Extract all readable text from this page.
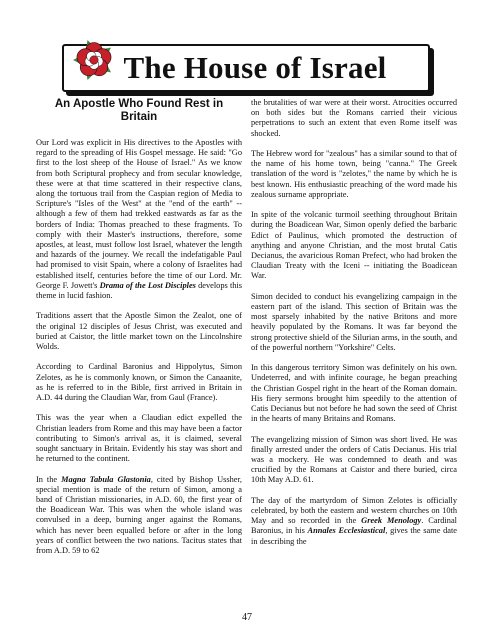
The House of Israel
An Apostle Who Found Rest in
Britain

Our Lord was explicit in His directives to the Apostles with regard to the spreading of His Gospel message. He said: "Go first to the lost sheep of the House of Israel." As we know from both Scriptural prophecy and from secular knowledge, these were at that time scattered in their respective clans, along the tortuous trail from the Caspian region of Media to Scripture's "Isles of the West" at the "end of the earth" -- although a few of them had trekked eastwards as far as the borders of India: Thomas preached to these fragments. To comply with their Master's instructions, therefore, some apostles, at least, must follow lost Israel, whatever the length and hazards of the journey. We recall the indefatigable Paul had promised to visit Spain, where a colony of Israelites had established itself, centuries before the time of our Lord. Mr. George F. Jowett's Drama of the Lost Disciples develops this theme in lucid fashion.

Traditions assert that the Apostle Simon the Zealot, one of the original 12 disciples of Jesus Christ, was executed and buried at Caistor, the little market town on the Lincolnshire Wolds.

According to Cardinal Baronius and Hippolytus, Simon Zelotes, as he is commonly known, or Simon the Canaanite, as he is referred to in the Bible, first arrived in Britain in A.D. 44 during the Claudian War, from Gaul (France).

This was the year when a Claudian edict expelled the Christian leaders from Rome and this may have been a factor contributing to Simon's arrival as, it is claimed, several sought sanctuary in Britain. Evidently his stay was short and he returned to the continent.

In the Magna Tabula Glastonia, cited by Bishop Ussher, special mention is made of the return of Simon, among a band of Christian missionaries, in A.D. 60, the first year of the Boadicean War. This was when the whole island was convulsed in a deep, burning anger against the Romans, which has never been equalled before or after in the long years of conflict between the two nations. Tacitus states that from A.D. 59 to 62

the brutalities of war were at their worst. Atrocities occurred on both sides but the Romans carried their vicious perpetrations to such an extent that even Rome itself was shocked.

The Hebrew word for "zealous" has a similar sound to that of the name of his home town, being "canna." The Greek translation of the word is "zelotes," the name by which he is best known. His enthusiastic preaching of the word made his zealous surname appropriate.

In spite of the volcanic turmoil seething throughout Britain during the Boadicean War, Simon openly defied the barbaric Edict of Paulinus, which promoted the destruction of anything and anyone Christian, and the most brutal Catis Decianus, the avaricious Roman Prefect, who had broken the Claudian Treaty with the Iceni -- initiating the Boadicean War.

Simon decided to conduct his evangelizing campaign in the eastern part of the island. This section of Britain was the most sparsely inhabited by the native Britons and more heavily populated by the Romans. It was far beyond the strong protective shield of the Silurian arms, in the south, and of the powerful northern "Yorkshire" Celts.

In this dangerous territory Simon was definitely on his own. Undeterred, and with infinite courage, he began preaching the Christian Gospel right in the heart of the Roman domain. His fiery sermons brought him speedily to the attention of Catis Decianus but not before he had sown the seed of Christ in the hearts of many Britains and Romans.

The evangelizing mission of Simon was short lived. He was finally arrested under the orders of Catis Decianus. His trial was a mockery. He was condemned to death and was crucified by the Romans at Caistor and there buried, circa 10th May A.D. 61.

The day of the martyrdom of Simon Zelotes is officially celebrated, by both the eastern and western churches on 10th May and so recorded in the Greek Menology. Cardinal Baronius, in his Annales Ecclesiastical, gives the same date in describing the

47
